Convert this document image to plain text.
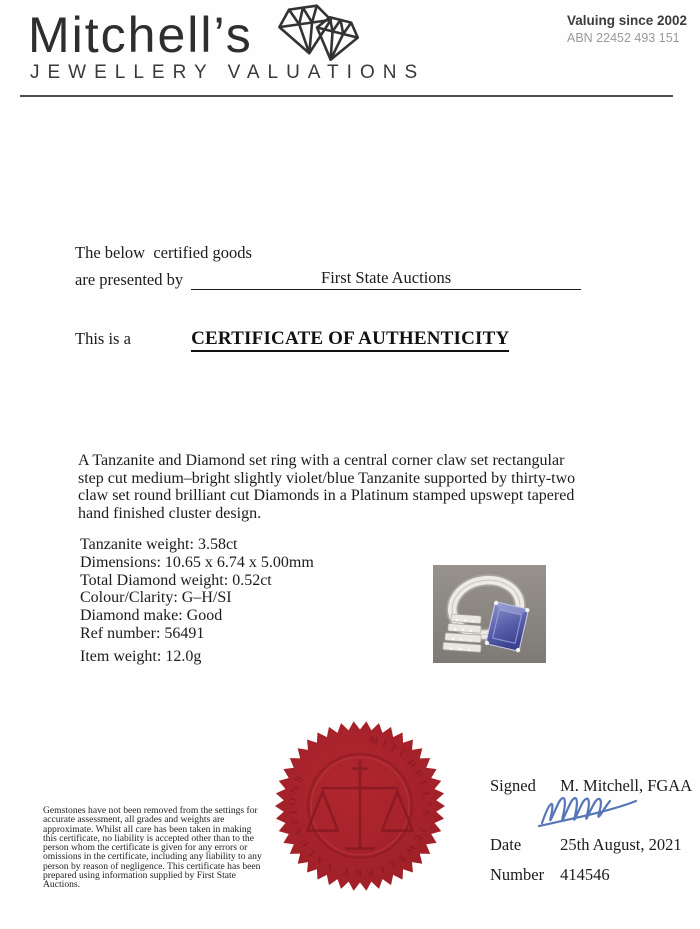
Mitchell’s	Valuing since 2002
ABN 22452 493 151
JEWELLERY VALUATIONS
The below  certified goods
are presented by	First State Auctions
This is a	CERTIFICATE OF AUTHENTICITY
A Tanzanite and Diamond set ring with a central corner claw set rectangular step cut medium–bright slightly violet/blue Tanzanite supported by thirty-two claw set round brilliant cut Diamonds in a Platinum stamped upswept tapered hand finished cluster design.
Tanzanite weight: 3.58ct
Dimensions: 10.65 x 6.74 x 5.00mm
Total Diamond weight: 0.52ct
Colour/Clarity: G–H/SI
Diamond make: Good
Ref number: 56491
Item weight: 12.0g
MITCHELL’S JEWELLERY VALUATIONS
Gemstones have not been removed from the settings for accurate assessment, all grades and weights are approximate. Whilst all care has been taken in making this certificate, no liability is accepted other than to the person whom the certificate is given for any errors or omissions in the certificate, including any liability to any person by reason of negligence. This certificate has been prepared using information supplied by First State Auctions.
Signed M. Mitchell, FGAA
Date 25th August, 2021
Number 414546
